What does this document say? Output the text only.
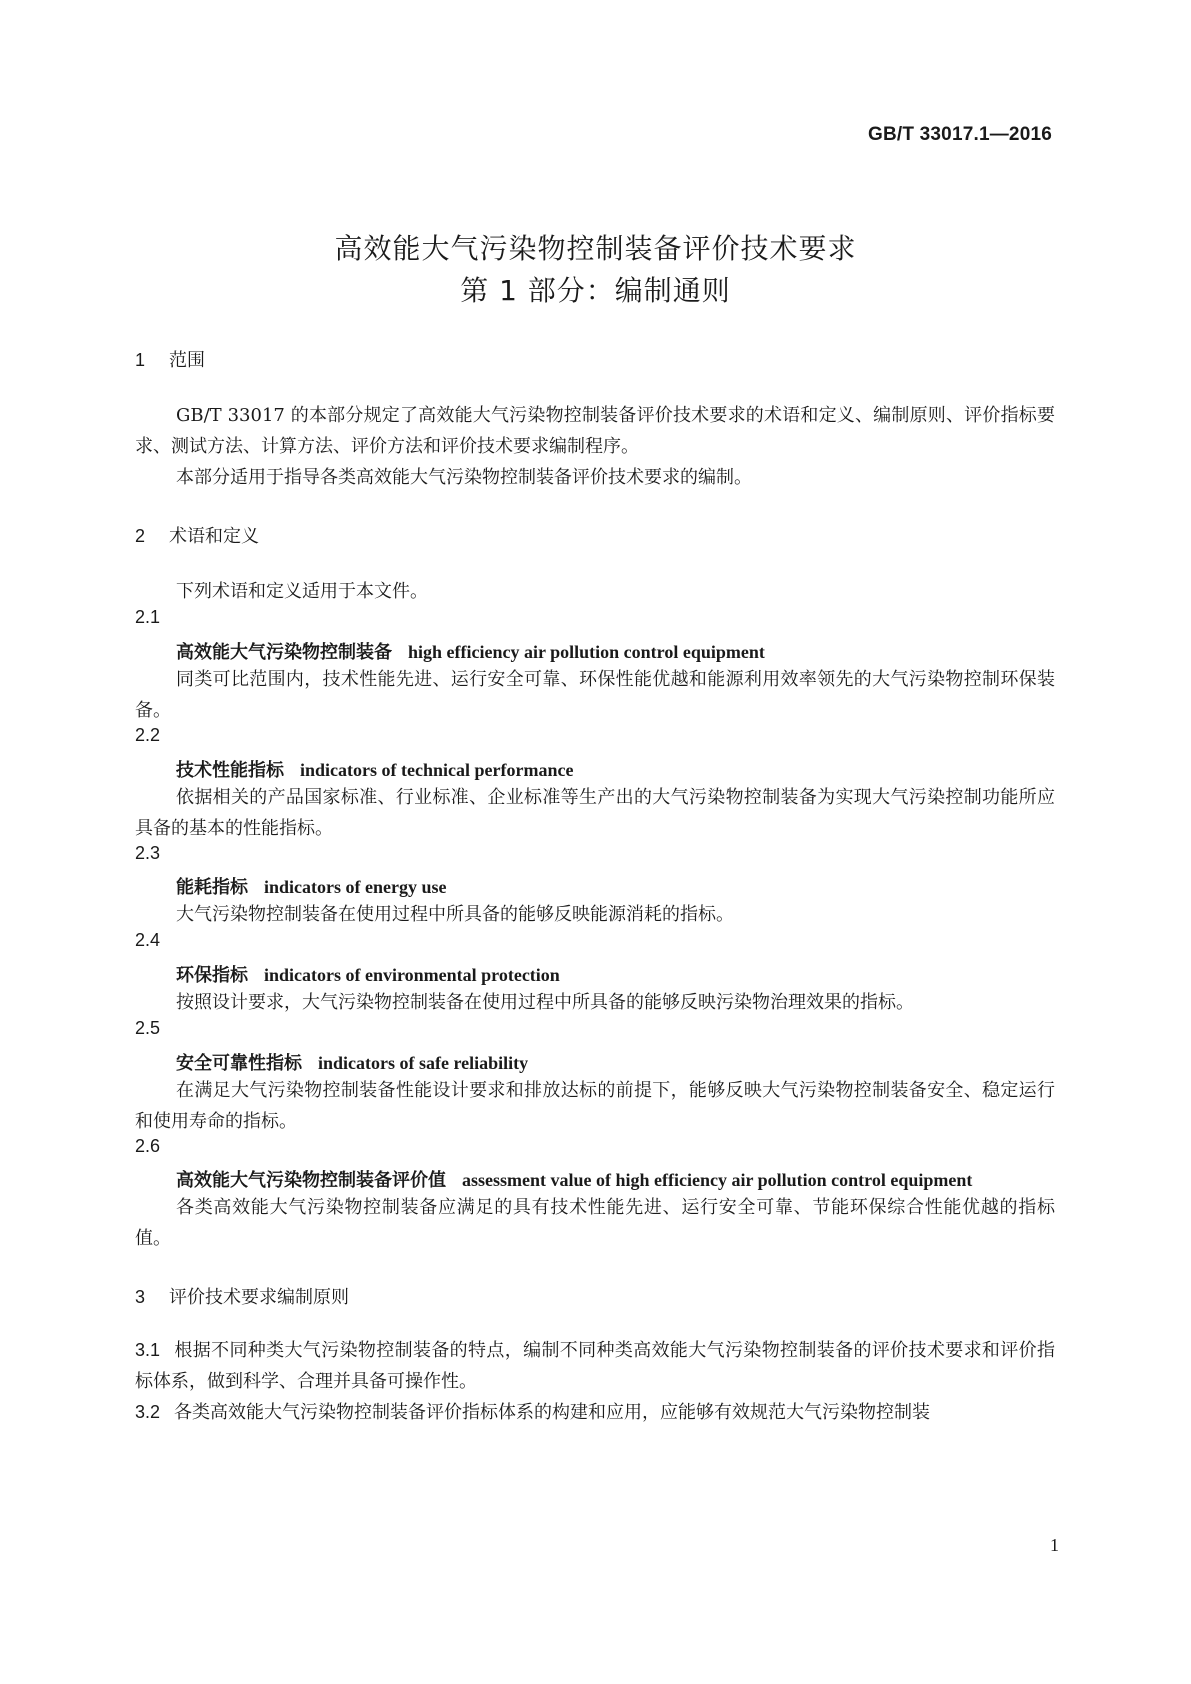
GB/T 33017.1—2016
高效能大气污染物控制装备评价技术要求
第 1 部分：编制通则
1 范围
GB/T 33017 的本部分规定了高效能大气污染物控制装备评价技术要求的术语和定义、编制原则、评价指标要求、测试方法、计算方法、评价方法和评价技术要求编制程序。
本部分适用于指导各类高效能大气污染物控制装备评价技术要求的编制。
2 术语和定义
下列术语和定义适用于本文件。
2.1
高效能大气污染物控制装备 high efficiency air pollution control equipment
同类可比范围内，技术性能先进、运行安全可靠、环保性能优越和能源利用效率领先的大气污染物控制环保装备。
2.2
技术性能指标 indicators of technical performance
依据相关的产品国家标准、行业标准、企业标准等生产出的大气污染物控制装备为实现大气污染控制功能所应具备的基本的性能指标。
2.3
能耗指标 indicators of energy use
大气污染物控制装备在使用过程中所具备的能够反映能源消耗的指标。
2.4
环保指标 indicators of environmental protection
按照设计要求，大气污染物控制装备在使用过程中所具备的能够反映污染物治理效果的指标。
2.5
安全可靠性指标 indicators of safe reliability
在满足大气污染物控制装备性能设计要求和排放达标的前提下，能够反映大气污染物控制装备安全、稳定运行和使用寿命的指标。
2.6
高效能大气污染物控制装备评价值 assessment value of high efficiency air pollution control equipment
各类高效能大气污染物控制装备应满足的具有技术性能先进、运行安全可靠、节能环保综合性能优越的指标值。
3 评价技术要求编制原则
3.1 根据不同种类大气污染物控制装备的特点，编制不同种类高效能大气污染物控制装备的评价技术要求和评价指标体系，做到科学、合理并具备可操作性。
3.2 各类高效能大气污染物控制装备评价指标体系的构建和应用，应能够有效规范大气污染物控制装
1
